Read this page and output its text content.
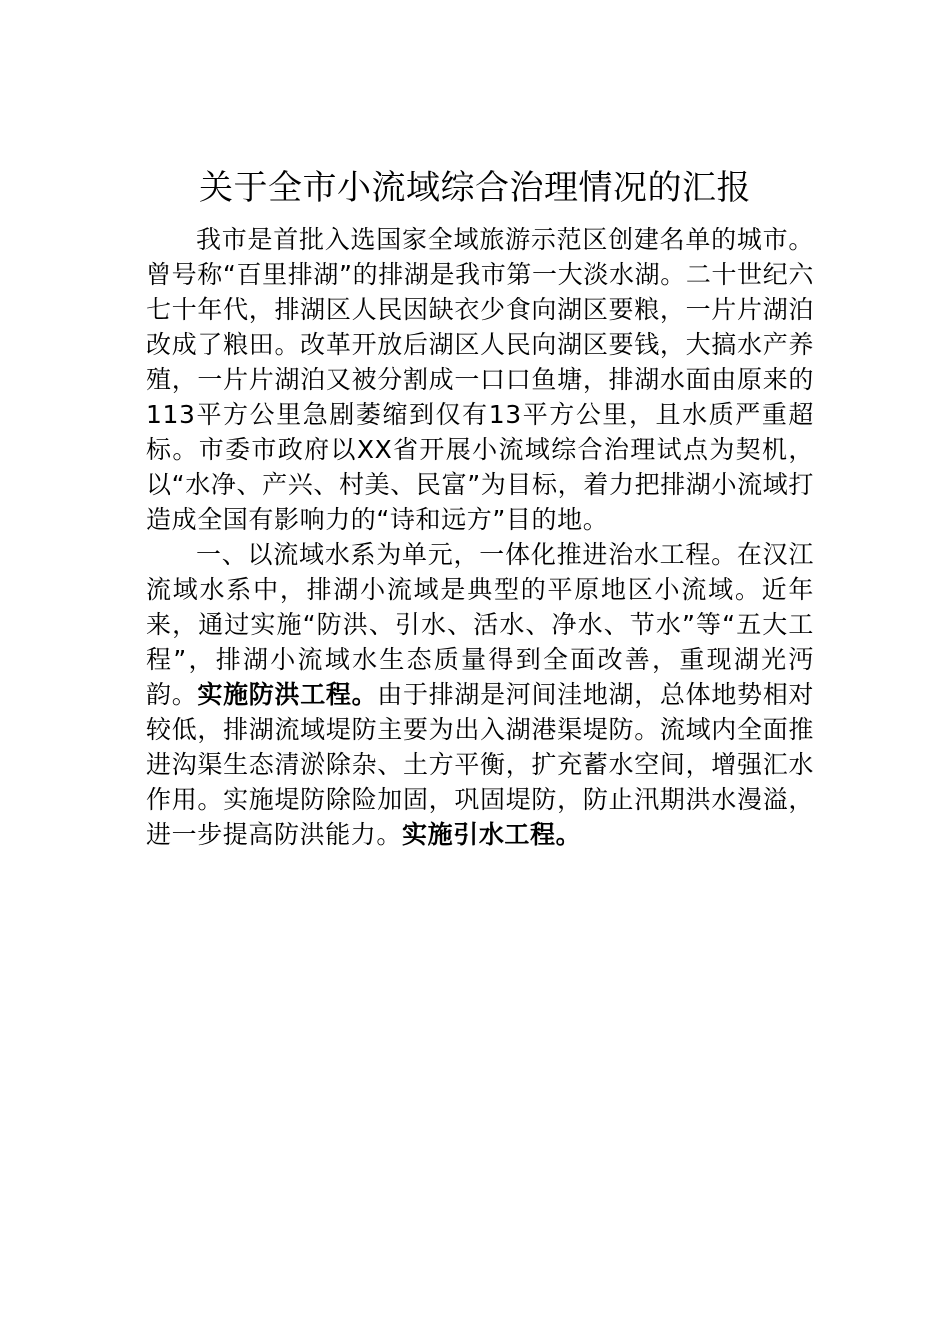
关于全市小流域综合治理情况的汇报

我市是首批入选国家全域旅游示范区创建名单的城市。曾号称“百里排湖”的排湖是我市第一大淡水湖。二十世纪六七十年代，排湖区人民因缺衣少食向湖区要粮，一片片湖泊改成了粮田。改革开放后湖区人民向湖区要钱，大搞水产养殖，一片片湖泊又被分割成一口口鱼塘，排湖水面由原来的113平方公里急剧萎缩到仅有13平方公里，且水质严重超标。市委市政府以XX省开展小流域综合治理试点为契机，以“水净、产兴、村美、民富”为目标，着力把排湖小流域打造成全国有影响力的“诗和远方”目的地。

一、以流域水系为单元，一体化推进治水工程。在汉江流域水系中，排湖小流域是典型的平原地区小流域。近年来，通过实施“防洪、引水、活水、净水、节水”等“五大工程”，排湖小流域水生态质量得到全面改善，重现湖光沔韵。实施防洪工程。由于排湖是河间洼地湖，总体地势相对较低，排湖流域堤防主要为出入湖港渠堤防。流域内全面推进沟渠生态清淤除杂、土方平衡，扩充蓄水空间，增强汇水作用。实施堤防除险加固，巩固堤防，防止汛期洪水漫溢，进一步提高防洪能力。实施引水工程。
